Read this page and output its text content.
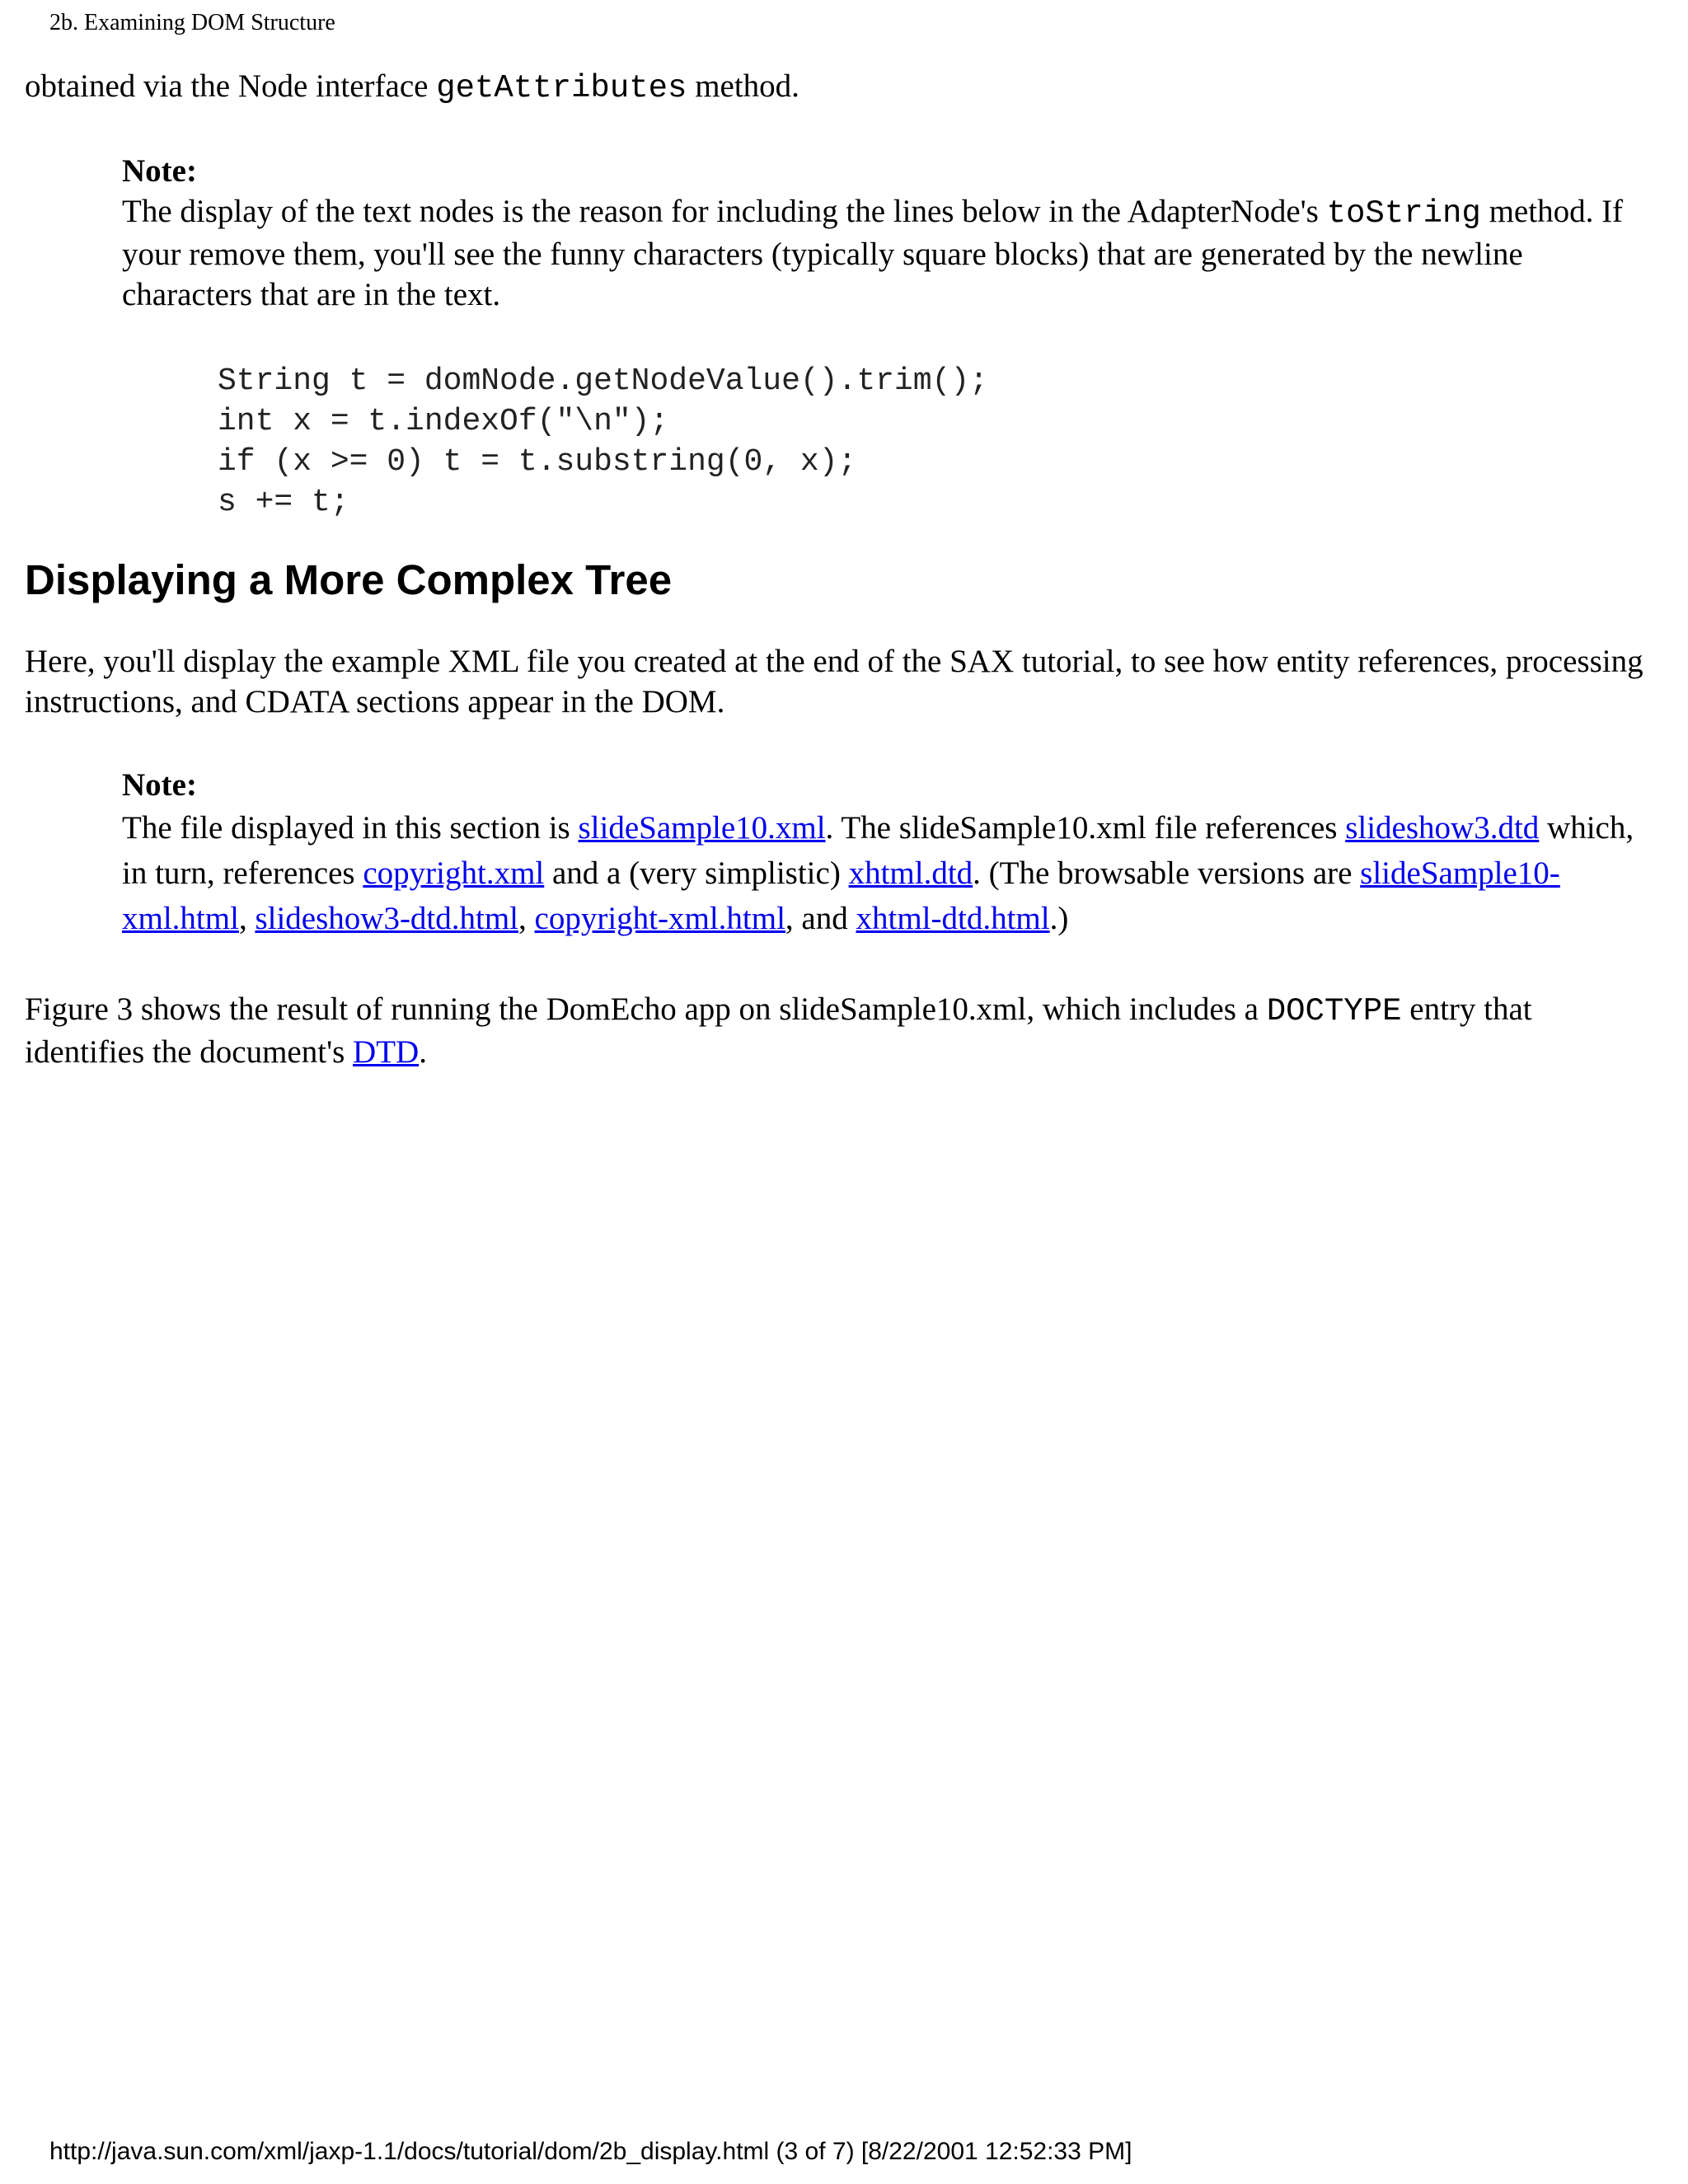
2b. Examining DOM Structure

obtained via the Node interface getAttributes method.

Note:

The display of the text nodes is the reason for including the lines below in the AdapterNode's toString method. If your remove them, you'll see the funny characters (typically square blocks) that are generated by the newline characters that are in the text.

String t = domNode.getNodeValue().trim();
int x = t.indexOf("\n");
if (x >= 0) t = t.substring(0, x);
s += t;
Displaying a More Complex Tree

Here, you'll display the example XML file you created at the end of the SAX tutorial, to see how entity references, processing instructions, and CDATA sections appear in the DOM.

Note:

The file displayed in this section is slideSample10.xml. The slideSample10.xml file references slideshow3.dtd which, in turn, references copyright.xml and a (very simplistic) xhtml.dtd. (The browsable versions are slideSample10-xml.html, slideshow3-dtd.html, copyright-xml.html, and xhtml-dtd.html.)

Figure 3 shows the result of running the DomEcho app on slideSample10.xml, which includes a DOCTYPE entry that identifies the document's DTD.

http://java.sun.com/xml/jaxp-1.1/docs/tutorial/dom/2b_display.html (3 of 7) [8/22/2001 12:52:33 PM]
